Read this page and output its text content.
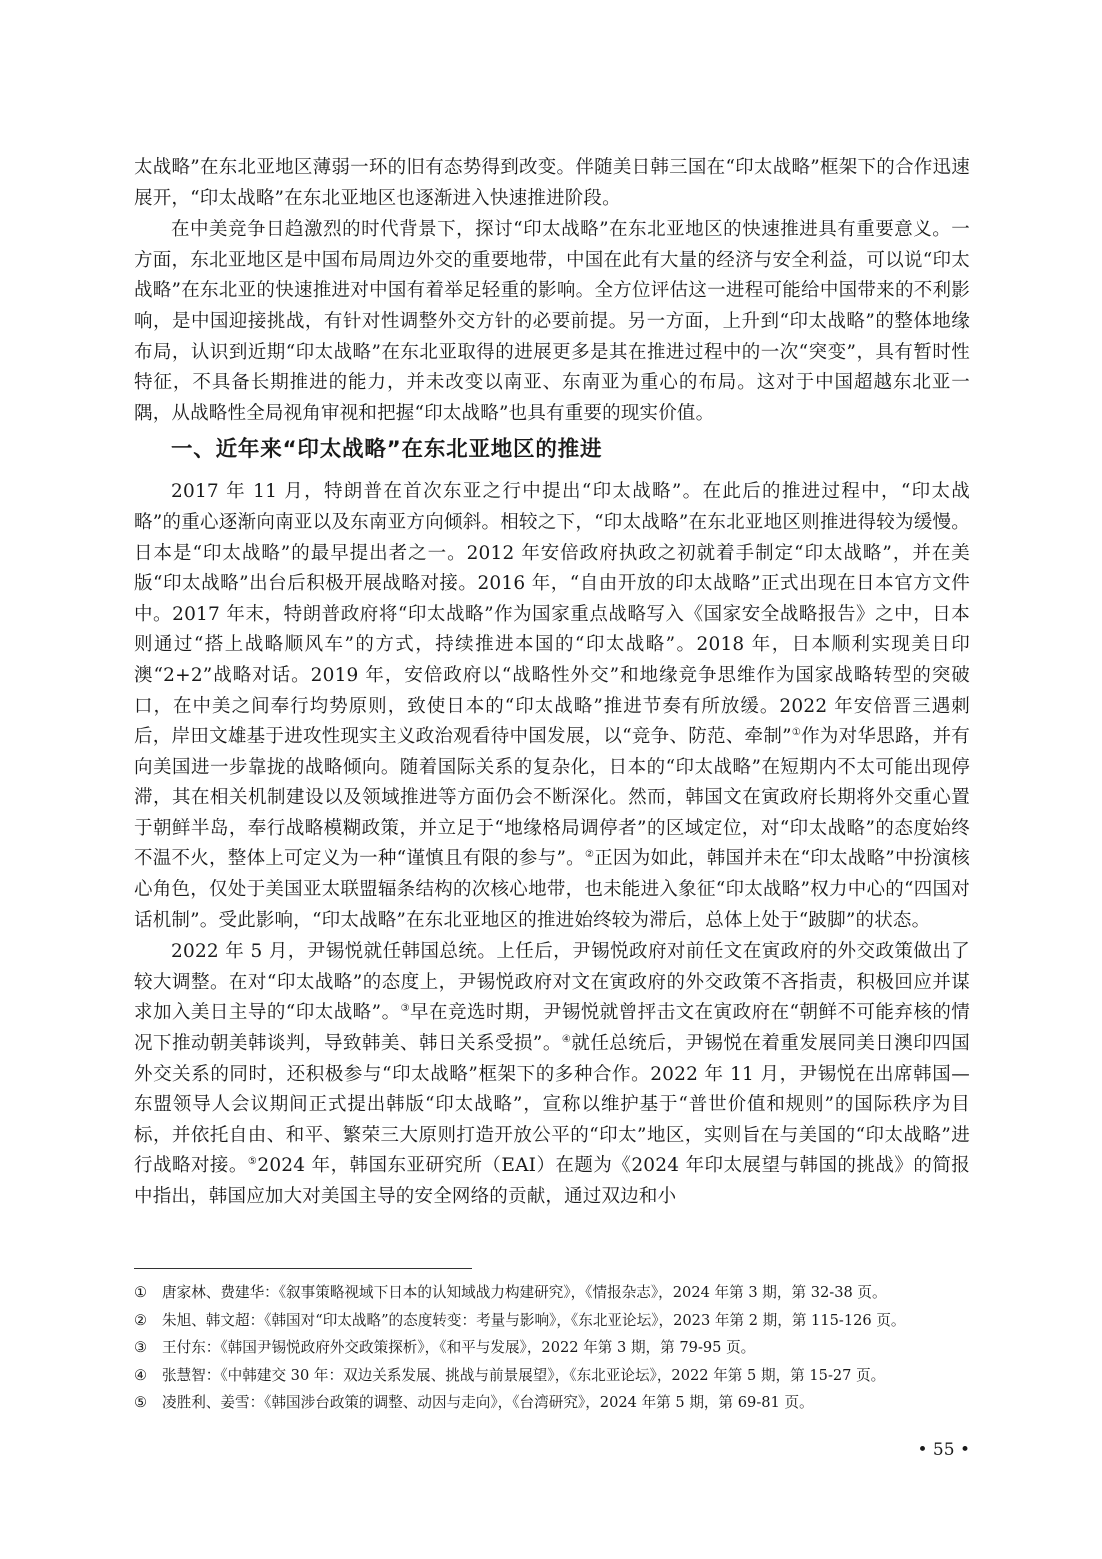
太战略”在东北亚地区薄弱一环的旧有态势得到改变。伴随美日韩三国在“印太战略”框架下的合作迅速展开，“印太战略”在东北亚地区也逐渐进入快速推进阶段。

在中美竞争日趋激烈的时代背景下，探讨“印太战略”在东北亚地区的快速推进具有重要意义。一方面，东北亚地区是中国布局周边外交的重要地带，中国在此有大量的经济与安全利益，可以说“印太战略”在东北亚的快速推进对中国有着举足轻重的影响。全方位评估这一进程可能给中国带来的不利影响，是中国迎接挑战，有针对性调整外交方针的必要前提。另一方面，上升到“印太战略”的整体地缘布局，认识到近期“印太战略”在东北亚取得的进展更多是其在推进过程中的一次“突变”，具有暂时性特征，不具备长期推进的能力，并未改变以南亚、东南亚为重心的布局。这对于中国超越东北亚一隅，从战略性全局视角审视和把握“印太战略”也具有重要的现实价值。

一、近年来“印太战略”在东北亚地区的推进

2017 年 11 月，特朗普在首次东亚之行中提出“印太战略”。在此后的推进过程中，“印太战略”的重心逐渐向南亚以及东南亚方向倾斜。相较之下，“印太战略”在东北亚地区则推进得较为缓慢。日本是“印太战略”的最早提出者之一。2012 年安倍政府执政之初就着手制定“印太战略”，并在美版“印太战略”出台后积极开展战略对接。2016 年，“自由开放的印太战略”正式出现在日本官方文件中。2017 年末，特朗普政府将“印太战略”作为国家重点战略写入《国家安全战略报告》之中，日本则通过“搭上战略顺风车”的方式，持续推进本国的“印太战略”。2018 年，日本顺利实现美日印澳“2+2”战略对话。2019 年，安倍政府以“战略性外交”和地缘竞争思维作为国家战略转型的突破口，在中美之间奉行均势原则，致使日本的“印太战略”推进节奏有所放缓。2022 年安倍晋三遇刺后，岸田文雄基于进攻性现实主义政治观看待中国发展，以“竞争、防范、牵制”①作为对华思路，并有向美国进一步靠拢的战略倾向。随着国际关系的复杂化，日本的“印太战略”在短期内不太可能出现停滞，其在相关机制建设以及领域推进等方面仍会不断深化。然而，韩国文在寅政府长期将外交重心置于朝鲜半岛，奉行战略模糊政策，并立足于“地缘格局调停者”的区域定位，对“印太战略”的态度始终不温不火，整体上可定义为一种“谨慎且有限的参与”。②正因为如此，韩国并未在“印太战略”中扮演核心角色，仅处于美国亚太联盟辐条结构的次核心地带，也未能进入象征“印太战略”权力中心的“四国对话机制”。受此影响，“印太战略”在东北亚地区的推进始终较为滞后，总体上处于“跛脚”的状态。

2022 年 5 月，尹锡悦就任韩国总统。上任后，尹锡悦政府对前任文在寅政府的外交政策做出了较大调整。在对“印太战略”的态度上，尹锡悦政府对文在寅政府的外交政策不吝指责，积极回应并谋求加入美日主导的“印太战略”。③早在竞选时期，尹锡悦就曾抨击文在寅政府在“朝鲜不可能弃核的情况下推动朝美韩谈判，导致韩美、韩日关系受损”。④就任总统后，尹锡悦在着重发展同美日澳印四国外交关系的同时，还积极参与“印太战略”框架下的多种合作。2022 年 11 月，尹锡悦在出席韩国—东盟领导人会议期间正式提出韩版“印太战略”，宣称以维护基于“普世价值和规则”的国际秩序为目标，并依托自由、和平、繁荣三大原则打造开放公平的“印太”地区，实则旨在与美国的“印太战略”进行战略对接。⑤2024 年，韩国东亚研究所（EAI）在题为《2024 年印太展望与韩国的挑战》的简报中指出，韩国应加大对美国主导的安全网络的贡献，通过双边和小

①	唐家林、费建华：《叙事策略视域下日本的认知域战力构建研究》，《情报杂志》，2024 年第 3 期，第 32-38 页。
②	朱旭、韩文超：《韩国对“印太战略”的态度转变：考量与影响》，《东北亚论坛》，2023 年第 2 期，第 115-126 页。
③	王付东：《韩国尹锡悦政府外交政策探析》，《和平与发展》，2022 年第 3 期，第 79-95 页。
④	张慧智：《中韩建交 30 年：双边关系发展、挑战与前景展望》，《东北亚论坛》，2022 年第 5 期，第 15-27 页。
⑤	凌胜利、姜雪：《韩国涉台政策的调整、动因与走向》，《台湾研究》，2024 年第 5 期，第 69-81 页。
• 55 •
